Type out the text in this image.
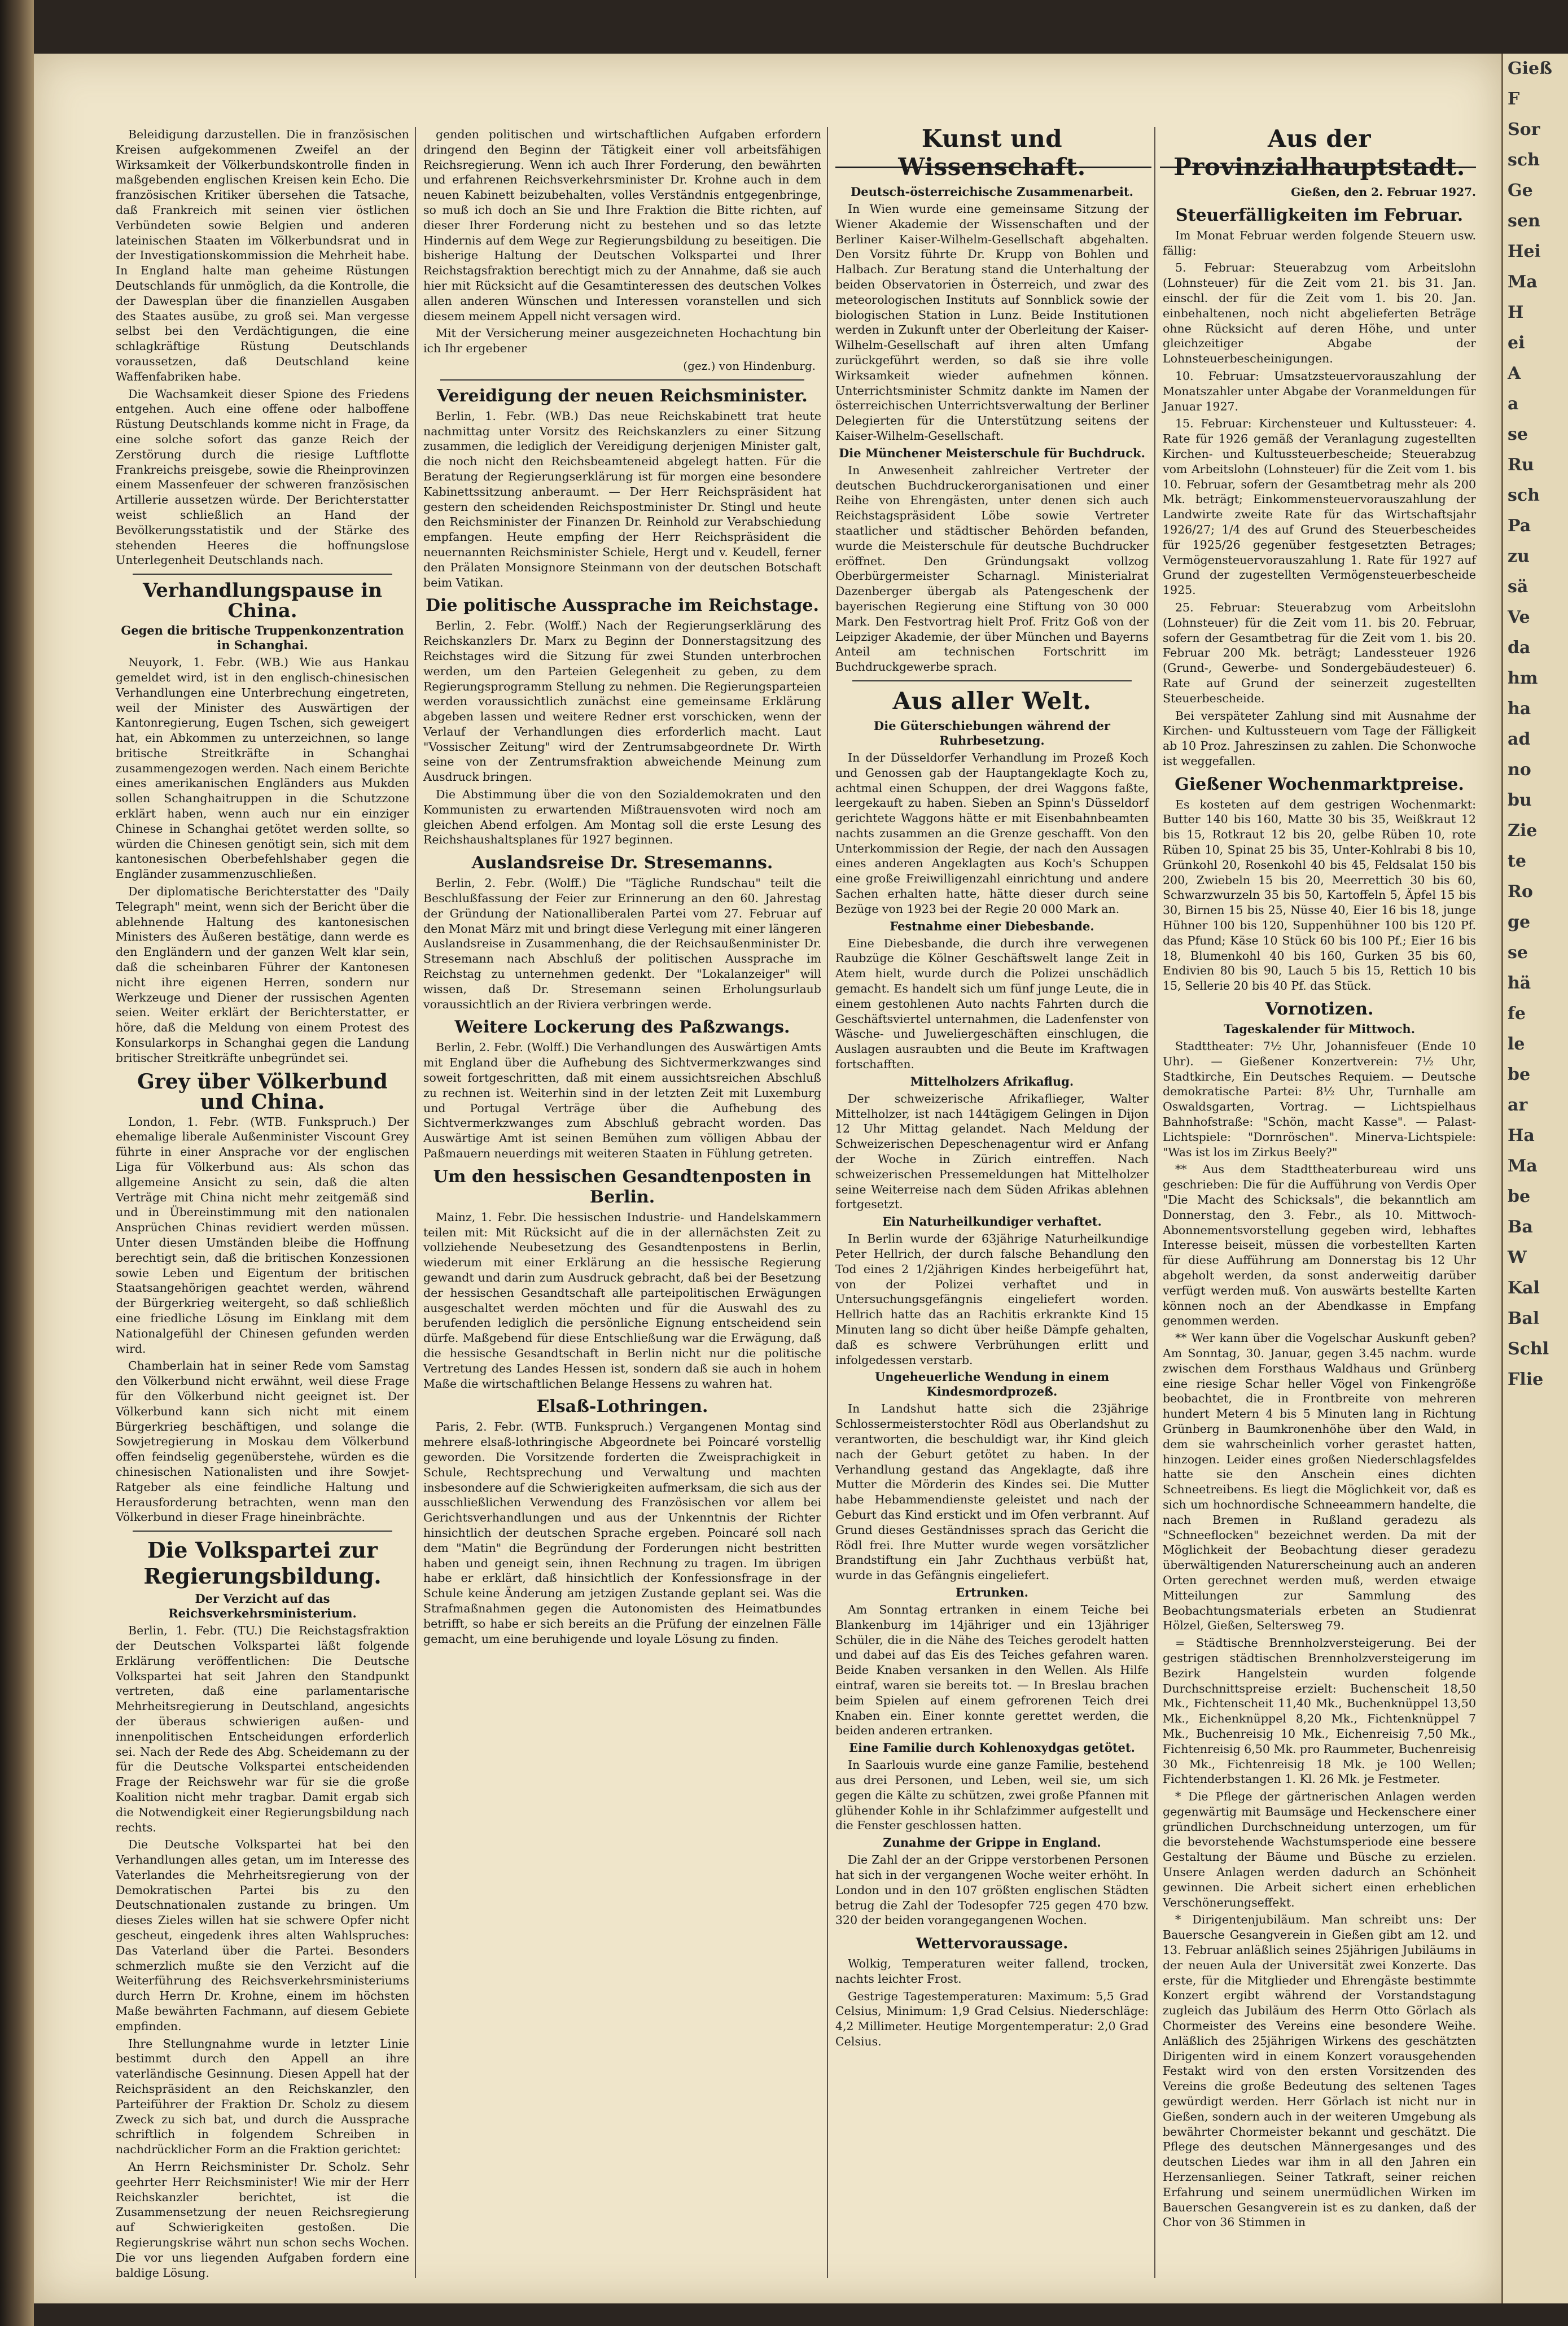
Beleidigung darzustellen. Die in französischen Kreisen aufgekommenen Zweifel an der Wirksamkeit der Völkerbundskontrolle finden in maßgebenden englischen Kreisen kein Echo. Die französischen Kritiker übersehen die Tatsache, daß Frankreich mit seinen vier östlichen Verbündeten sowie Belgien und anderen lateinischen Staaten im Völkerbundsrat und in der Investigationskommission die Mehrheit habe. In England halte man geheime Rüstungen Deutschlands für unmöglich, da die Kontrolle, die der Dawesplan über die finanziellen Ausgaben des Staates ausübe, zu groß sei. Man vergesse selbst bei den Verdächtigungen, die eine schlagkräftige Rüstung Deutschlands voraussetzen, daß Deutschland keine Waffenfabriken habe.

Die Wachsamkeit dieser Spione des Friedens entgehen. Auch eine offene oder halboffene Rüstung Deutschlands komme nicht in Frage, da eine solche sofort das ganze Reich der Zerstörung durch die riesige Luftflotte Frankreichs preisgebe, sowie die Rheinprovinzen einem Massenfeuer der schweren französischen Artillerie aussetzen würde. Der Berichterstatter weist schließlich an Hand der Bevölkerungsstatistik und der Stärke des stehenden Heeres die hoffnungslose Unterlegenheit Deutschlands nach.

Verhandlungspause in China.
Gegen die britische Truppenkonzentration in Schanghai.

Neuyork, 1. Febr. (WB.) Wie aus Hankau gemeldet wird, ist in den englisch-chinesischen Verhandlungen eine Unterbrechung eingetreten, weil der Minister des Auswärtigen der Kantonregierung, Eugen Tschen, sich geweigert hat, ein Abkommen zu unterzeichnen, so lange britische Streitkräfte in Schanghai zusammengezogen werden. Nach einem Berichte eines amerikanischen Engländers aus Mukden sollen Schanghaitruppen in die Schutzzone erklärt haben, wenn auch nur ein einziger Chinese in Schanghai getötet werden sollte, so würden die Chinesen genötigt sein, sich mit dem kantonesischen Oberbefehlshaber gegen die Engländer zusammenzuschließen.

Der diplomatische Berichterstatter des "Daily Telegraph" meint, wenn sich der Bericht über die ablehnende Haltung des kantonesischen Ministers des Äußeren bestätige, dann werde es den Engländern und der ganzen Welt klar sein, daß die scheinbaren Führer der Kantonesen nicht ihre eigenen Herren, sondern nur Werkzeuge und Diener der russischen Agenten seien. Weiter erklärt der Berichterstatter, er höre, daß die Meldung von einem Protest des Konsularkorps in Schanghai gegen die Landung britischer Streitkräfte unbegründet sei.

Grey über Völkerbund und China.

London, 1. Febr. (WTB. Funkspruch.) Der ehemalige liberale Außenminister Viscount Grey führte in einer Ansprache vor der englischen Liga für Völkerbund aus: Als schon das allgemeine Ansicht zu sein, daß die alten Verträge mit China nicht mehr zeitgemäß sind und in Übereinstimmung mit den nationalen Ansprüchen Chinas revidiert werden müssen. Unter diesen Umständen bleibe die Hoffnung berechtigt sein, daß die britischen Konzessionen sowie Leben und Eigentum der britischen Staatsangehörigen geachtet werden, während der Bürgerkrieg weitergeht, so daß schließlich eine friedliche Lösung im Einklang mit dem Nationalgefühl der Chinesen gefunden werden wird.

Chamberlain hat in seiner Rede vom Samstag den Völkerbund nicht erwähnt, weil diese Frage für den Völkerbund nicht geeignet ist. Der Völkerbund kann sich nicht mit einem Bürgerkrieg beschäftigen, und solange die Sowjetregierung in Moskau dem Völkerbund offen feindselig gegenüberstehe, würden es die chinesischen Nationalisten und ihre Sowjet-Ratgeber als eine feindliche Haltung und Herausforderung betrachten, wenn man den Völkerbund in dieser Frage hineinbrächte.

Die Volkspartei zur Regierungsbildung.
Der Verzicht auf das Reichsverkehrsministerium.

Berlin, 1. Febr. (TU.) Die Reichstagsfraktion der Deutschen Volkspartei läßt folgende Erklärung veröffentlichen: Die Deutsche Volkspartei hat seit Jahren den Standpunkt vertreten, daß eine parlamentarische Mehrheitsregierung in Deutschland, angesichts der überaus schwierigen außen- und innenpolitischen Entscheidungen erforderlich sei. Nach der Rede des Abg. Scheidemann zu der für die Deutsche Volkspartei entscheidenden Frage der Reichswehr war für sie die große Koalition nicht mehr tragbar. Damit ergab sich die Notwendigkeit einer Regierungsbildung nach rechts.

Die Deutsche Volkspartei hat bei den Verhandlungen alles getan, um im Interesse des Vaterlandes die Mehrheitsregierung von der Demokratischen Partei bis zu den Deutschnationalen zustande zu bringen. Um dieses Zieles willen hat sie schwere Opfer nicht gescheut, eingedenk ihres alten Wahlspruches: Das Vaterland über die Partei. Besonders schmerzlich mußte sie den Verzicht auf die Weiterführung des Reichsverkehrsministeriums durch Herrn Dr. Krohne, einem im höchsten Maße bewährten Fachmann, auf diesem Gebiete empfinden.

Ihre Stellungnahme wurde in letzter Linie bestimmt durch den Appell an ihre vaterländische Gesinnung. Diesen Appell hat der Reichspräsident an den Reichskanzler, den Parteiführer der Fraktion Dr. Scholz zu diesem Zweck zu sich bat, und durch die Aussprache schriftlich in folgendem Schreiben in nachdrücklicher Form an die Fraktion gerichtet:

An Herrn Reichsminister Dr. Scholz. Sehr geehrter Herr Reichsminister! Wie mir der Herr Reichskanzler berichtet, ist die Zusammensetzung der neuen Reichsregierung auf Schwierigkeiten gestoßen. Die Regierungskrise währt nun schon sechs Wochen. Die vor uns liegenden Aufgaben fordern eine baldige Lösung.

genden politischen und wirtschaftlichen Aufgaben erfordern dringend den Beginn der Tätigkeit einer voll arbeitsfähigen Reichsregierung. Wenn ich auch Ihrer Forderung, den bewährten und erfahrenen Reichsverkehrsminister Dr. Krohne auch in dem neuen Kabinett beizubehalten, volles Verständnis entgegenbringe, so muß ich doch an Sie und Ihre Fraktion die Bitte richten, auf dieser Ihrer Forderung nicht zu bestehen und so das letzte Hindernis auf dem Wege zur Regierungsbildung zu beseitigen. Die bisherige Haltung der Deutschen Volkspartei und Ihrer Reichstagsfraktion berechtigt mich zu der Annahme, daß sie auch hier mit Rücksicht auf die Gesamtinteressen des deutschen Volkes allen anderen Wünschen und Interessen voranstellen und sich diesem meinem Appell nicht versagen wird.

Mit der Versicherung meiner ausgezeichneten Hochachtung bin ich Ihr ergebener

(gez.) von Hindenburg.
Vereidigung der neuen Reichsminister.

Berlin, 1. Febr. (WB.) Das neue Reichskabinett trat heute nachmittag unter Vorsitz des Reichskanzlers zu einer Sitzung zusammen, die lediglich der Vereidigung derjenigen Minister galt, die noch nicht den Reichsbeamteneid abgelegt hatten. Für die Beratung der Regierungserklärung ist für morgen eine besondere Kabinettssitzung anberaumt. — Der Herr Reichspräsident hat gestern den scheidenden Reichspostminister Dr. Stingl und heute den Reichsminister der Finanzen Dr. Reinhold zur Verabschiedung empfangen. Heute empfing der Herr Reichspräsident die neuernannten Reichsminister Schiele, Hergt und v. Keudell, ferner den Prälaten Monsignore Steinmann von der deutschen Botschaft beim Vatikan.

Die politische Aussprache im Reichstage.

Berlin, 2. Febr. (Wolff.) Nach der Regierungserklärung des Reichskanzlers Dr. Marx zu Beginn der Donnerstagsitzung des Reichstages wird die Sitzung für zwei Stunden unterbrochen werden, um den Parteien Gelegenheit zu geben, zu dem Regierungsprogramm Stellung zu nehmen. Die Regierungsparteien werden voraussichtlich zunächst eine gemeinsame Erklärung abgeben lassen und weitere Redner erst vorschicken, wenn der Verlauf der Verhandlungen dies erforderlich macht. Laut "Vossischer Zeitung" wird der Zentrumsabgeordnete Dr. Wirth seine von der Zentrumsfraktion abweichende Meinung zum Ausdruck bringen.

Die Abstimmung über die von den Sozialdemokraten und den Kommunisten zu erwartenden Mißtrauensvoten wird noch am gleichen Abend erfolgen. Am Montag soll die erste Lesung des Reichshaushaltsplanes für 1927 beginnen.

Auslandsreise Dr. Stresemanns.

Berlin, 2. Febr. (Wolff.) Die "Tägliche Rundschau" teilt die Beschlußfassung der Feier zur Erinnerung an den 60. Jahrestag der Gründung der Nationalliberalen Partei vom 27. Februar auf den Monat März mit und bringt diese Verlegung mit einer längeren Auslandsreise in Zusammenhang, die der Reichsaußenminister Dr. Stresemann nach Abschluß der politischen Aussprache im Reichstag zu unternehmen gedenkt. Der "Lokalanzeiger" will wissen, daß Dr. Stresemann seinen Erholungsurlaub voraussichtlich an der Riviera verbringen werde.

Weitere Lockerung des Paßzwangs.

Berlin, 2. Febr. (Wolff.) Die Verhandlungen des Auswärtigen Amts mit England über die Aufhebung des Sichtvermerkzwanges sind soweit fortgeschritten, daß mit einem aussichtsreichen Abschluß zu rechnen ist. Weiterhin sind in der letzten Zeit mit Luxemburg und Portugal Verträge über die Aufhebung des Sichtvermerkzwanges zum Abschluß gebracht worden. Das Auswärtige Amt ist seinen Bemühen zum völligen Abbau der Paßmauern neuerdings mit weiteren Staaten in Fühlung getreten.

Um den hessischen Gesandtenposten in Berlin.

Mainz, 1. Febr. Die hessischen Industrie- und Handelskammern teilen mit: Mit Rücksicht auf die in der allernächsten Zeit zu vollziehende Neubesetzung des Gesandtenpostens in Berlin, wiederum mit einer Erklärung an die hessische Regierung gewandt und darin zum Ausdruck gebracht, daß bei der Besetzung der hessischen Gesandtschaft alle parteipolitischen Erwägungen ausgeschaltet werden möchten und für die Auswahl des zu berufenden lediglich die persönliche Eignung entscheidend sein dürfe. Maßgebend für diese Entschließung war die Erwägung, daß die hessische Gesandtschaft in Berlin nicht nur die politische Vertretung des Landes Hessen ist, sondern daß sie auch in hohem Maße die wirtschaftlichen Belange Hessens zu wahren hat.

Elsaß-Lothringen.

Paris, 2. Febr. (WTB. Funkspruch.) Vergangenen Montag sind mehrere elsaß-lothringische Abgeordnete bei Poincaré vorstellig geworden. Die Vorsitzende forderten die Zweisprachigkeit in Schule, Rechtsprechung und Verwaltung und machten insbesondere auf die Schwierigkeiten aufmerksam, die sich aus der ausschließlichen Verwendung des Französischen vor allem bei Gerichtsverhandlungen und aus der Unkenntnis der Richter hinsichtlich der deutschen Sprache ergeben. Poincaré soll nach dem "Matin" die Begründung der Forderungen nicht bestritten haben und geneigt sein, ihnen Rechnung zu tragen. Im übrigen habe er erklärt, daß hinsichtlich der Konfessionsfrage in der Schule keine Änderung am jetzigen Zustande geplant sei. Was die Strafmaßnahmen gegen die Autonomisten des Heimatbundes betrifft, so habe er sich bereits an die Prüfung der einzelnen Fälle gemacht, um eine beruhigende und loyale Lösung zu finden.

Kunst und Wissenschaft.
Deutsch-österreichische Zusammenarbeit.

In Wien wurde eine gemeinsame Sitzung der Wiener Akademie der Wissenschaften und der Berliner Kaiser-Wilhelm-Gesellschaft abgehalten. Den Vorsitz führte Dr. Krupp von Bohlen und Halbach. Zur Beratung stand die Unterhaltung der beiden Observatorien in Österreich, und zwar des meteorologischen Instituts auf Sonnblick sowie der biologischen Station in Lunz. Beide Institutionen werden in Zukunft unter der Oberleitung der Kaiser-Wilhelm-Gesellschaft auf ihren alten Umfang zurückgeführt werden, so daß sie ihre volle Wirksamkeit wieder aufnehmen können. Unterrichtsminister Schmitz dankte im Namen der österreichischen Unterrichtsverwaltung der Berliner Delegierten für die Unterstützung seitens der Kaiser-Wilhelm-Gesellschaft.

Die Münchener Meisterschule für Buchdruck.

In Anwesenheit zahlreicher Vertreter der deutschen Buchdruckerorganisationen und einer Reihe von Ehrengästen, unter denen sich auch Reichstagspräsident Löbe sowie Vertreter staatlicher und städtischer Behörden befanden, wurde die Meisterschule für deutsche Buchdrucker eröffnet. Den Gründungsakt vollzog Oberbürgermeister Scharnagl. Ministerialrat Dazenberger übergab als Patengeschenk der bayerischen Regierung eine Stiftung von 30 000 Mark. Den Festvortrag hielt Prof. Fritz Goß von der Leipziger Akademie, der über München und Bayerns Anteil am technischen Fortschritt im Buchdruckgewerbe sprach.

Aus aller Welt.
Die Güterschiebungen während der Ruhrbesetzung.

In der Düsseldorfer Verhandlung im Prozeß Koch und Genossen gab der Hauptangeklagte Koch zu, achtmal einen Schuppen, der drei Waggons faßte, leergekauft zu haben. Sieben an Spinn's Düsseldorf gerichtete Waggons hätte er mit Eisenbahnbeamten nachts zusammen an die Grenze geschafft. Von den Unterkommission der Regie, der nach den Aussagen eines anderen Angeklagten aus Koch's Schuppen eine große Freiwilligenzahl einrichtung und andere Sachen erhalten hatte, hätte dieser durch seine Bezüge von 1923 bei der Regie 20 000 Mark an.

Festnahme einer Diebesbande.

Eine Diebesbande, die durch ihre verwegenen Raubzüge die Kölner Geschäftswelt lange Zeit in Atem hielt, wurde durch die Polizei unschädlich gemacht. Es handelt sich um fünf junge Leute, die in einem gestohlenen Auto nachts Fahrten durch die Geschäftsviertel unternahmen, die Ladenfenster von Wäsche- und Juweliergeschäften einschlugen, die Auslagen ausraubten und die Beute im Kraftwagen fortschafften.

Mittelholzers Afrikaflug.

Der schweizerische Afrikaflieger, Walter Mittelholzer, ist nach 144tägigem Gelingen in Dijon 12 Uhr Mittag gelandet. Nach Meldung der Schweizerischen Depeschenagentur wird er Anfang der Woche in Zürich eintreffen. Nach schweizerischen Pressemeldungen hat Mittelholzer seine Weiterreise nach dem Süden Afrikas ablehnen fortgesetzt.

Ein Naturheilkundiger verhaftet.

In Berlin wurde der 63jährige Naturheilkundige Peter Hellrich, der durch falsche Behandlung den Tod eines 2 1/2jährigen Kindes herbeigeführt hat, von der Polizei verhaftet und in Untersuchungsgefängnis eingeliefert worden. Hellrich hatte das an Rachitis erkrankte Kind 15 Minuten lang so dicht über heiße Dämpfe gehalten, daß es schwere Verbrühungen erlitt und infolgedessen verstarb.

Ungeheuerliche Wendung in einem Kindesmordprozeß.

In Landshut hatte sich die 23jährige Schlossermeisterstochter Rödl aus Oberlandshut zu verantworten, die beschuldigt war, ihr Kind gleich nach der Geburt getötet zu haben. In der Verhandlung gestand das Angeklagte, daß ihre Mutter die Mörderin des Kindes sei. Die Mutter habe Hebammendienste geleistet und nach der Geburt das Kind erstickt und im Ofen verbrannt. Auf Grund dieses Geständnisses sprach das Gericht die Rödl frei. Ihre Mutter wurde wegen vorsätzlicher Brandstiftung ein Jahr Zuchthaus verbüßt hat, wurde in das Gefängnis eingeliefert.

Ertrunken.

Am Sonntag ertranken in einem Teiche bei Blankenburg im 14jähriger und ein 13jähriger Schüler, die in die Nähe des Teiches gerodelt hatten und dabei auf das Eis des Teiches gefahren waren. Beide Knaben versanken in den Wellen. Als Hilfe eintraf, waren sie bereits tot. — In Breslau brachen beim Spielen auf einem gefrorenen Teich drei Knaben ein. Einer konnte gerettet werden, die beiden anderen ertranken.

Eine Familie durch Kohlenoxydgas getötet.

In Saarlouis wurde eine ganze Familie, bestehend aus drei Personen, und Leben, weil sie, um sich gegen die Kälte zu schützen, zwei große Pfannen mit glühender Kohle in ihr Schlafzimmer aufgestellt und die Fenster geschlossen hatten.

Zunahme der Grippe in England.

Die Zahl der an der Grippe verstorbenen Personen hat sich in der vergangenen Woche weiter erhöht. In London und in den 107 größten englischen Städten betrug die Zahl der Todesopfer 725 gegen 470 bzw. 320 der beiden vorangegangenen Wochen.

Wettervoraussage.

Wolkig, Temperaturen weiter fallend, trocken, nachts leichter Frost.

Gestrige Tagestemperaturen: Maximum: 5,5 Grad Celsius, Minimum: 1,9 Grad Celsius. Niederschläge: 4,2 Millimeter. Heutige Morgentemperatur: 2,0 Grad Celsius.

Aus der Provinzialhauptstadt.
Gießen, den 2. Februar 1927.
Steuerfälligkeiten im Februar.

Im Monat Februar werden folgende Steuern usw. fällig:

5. Februar: Steuerabzug vom Arbeitslohn (Lohnsteuer) für die Zeit vom 21. bis 31. Jan. einschl. der für die Zeit vom 1. bis 20. Jan. einbehaltenen, noch nicht abgelieferten Beträge ohne Rücksicht auf deren Höhe, und unter gleichzeitiger Abgabe der Lohnsteuerbescheinigungen.

10. Februar: Umsatzsteuervorauszahlung der Monatszahler unter Abgabe der Voranmeldungen für Januar 1927.

15. Februar: Kirchensteuer und Kultussteuer: 4. Rate für 1926 gemäß der Veranlagung zugestellten Kirchen- und Kultussteuerbescheide; Steuerabzug vom Arbeitslohn (Lohnsteuer) für die Zeit vom 1. bis 10. Februar, sofern der Gesamtbetrag mehr als 200 Mk. beträgt; Einkommensteuervorauszahlung der Landwirte zweite Rate für das Wirtschaftsjahr 1926/27; 1/4 des auf Grund des Steuerbescheides für 1925/26 gegenüber festgesetzten Betrages; Vermögensteuervorauszahlung 1. Rate für 1927 auf Grund der zugestellten Vermögensteuerbescheide 1925.

25. Februar: Steuerabzug vom Arbeitslohn (Lohnsteuer) für die Zeit vom 11. bis 20. Februar, sofern der Gesamtbetrag für die Zeit vom 1. bis 20. Februar 200 Mk. beträgt; Landessteuer 1926 (Grund-, Gewerbe- und Sondergebäudesteuer) 6. Rate auf Grund der seinerzeit zugestellten Steuerbescheide.

Bei verspäteter Zahlung sind mit Ausnahme der Kirchen- und Kultussteuern vom Tage der Fälligkeit ab 10 Proz. Jahreszinsen zu zahlen. Die Schonwoche ist weggefallen.

Gießener Wochenmarktpreise.

Es kosteten auf dem gestrigen Wochenmarkt: Butter 140 bis 160, Matte 30 bis 35, Weißkraut 12 bis 15, Rotkraut 12 bis 20, gelbe Rüben 10, rote Rüben 10, Spinat 25 bis 35, Unter-Kohlrabi 8 bis 10, Grünkohl 20, Rosenkohl 40 bis 45, Feldsalat 150 bis 200, Zwiebeln 15 bis 20, Meerrettich 30 bis 60, Schwarzwurzeln 35 bis 50, Kartoffeln 5, Äpfel 15 bis 30, Birnen 15 bis 25, Nüsse 40, Eier 16 bis 18, junge Hühner 100 bis 120, Suppenhühner 100 bis 120 Pf. das Pfund; Käse 10 Stück 60 bis 100 Pf.; Eier 16 bis 18, Blumenkohl 40 bis 160, Gurken 35 bis 60, Endivien 80 bis 90, Lauch 5 bis 15, Rettich 10 bis 15, Sellerie 20 bis 40 Pf. das Stück.

Vornotizen.
Tageskalender für Mittwoch.

Stadttheater: 7½ Uhr, Johannisfeuer (Ende 10 Uhr). — Gießener Konzertverein: 7½ Uhr, Stadtkirche, Ein Deutsches Requiem. — Deutsche demokratische Partei: 8½ Uhr, Turnhalle am Oswaldsgarten, Vortrag. — Lichtspielhaus Bahnhofstraße: "Schön, macht Kasse". — Palast-Lichtspiele: "Dornröschen". Minerva-Lichtspiele: "Was ist los im Zirkus Beely?"

** Aus dem Stadttheaterbureau wird uns geschrieben: Die für die Aufführung von Verdis Oper "Die Macht des Schicksals", die bekanntlich am Donnerstag, den 3. Febr., als 10. Mittwoch-Abonnementsvorstellung gegeben wird, lebhaftes Interesse beiseit, müssen die vorbestellten Karten für diese Aufführung am Donnerstag bis 12 Uhr abgeholt werden, da sonst anderweitig darüber verfügt werden muß. Von auswärts bestellte Karten können noch an der Abendkasse in Empfang genommen werden.

** Wer kann über die Vogelschar Auskunft geben? Am Sonntag, 30. Januar, gegen 3.45 nachm. wurde zwischen dem Forsthaus Waldhaus und Grünberg eine riesige Schar heller Vögel von Finkengröße beobachtet, die in Frontbreite von mehreren hundert Metern 4 bis 5 Minuten lang in Richtung Grünberg in Baumkronenhöhe über den Wald, in dem sie wahrscheinlich vorher gerastet hatten, hinzogen. Leider eines großen Niederschlagsfeldes hatte sie den Anschein eines dichten Schneetreibens. Es liegt die Möglichkeit vor, daß es sich um hochnordische Schneeammern handelte, die nach Bremen in Rußland geradezu als "Schneeflocken" bezeichnet werden. Da mit der Möglichkeit der Beobachtung dieser geradezu überwältigenden Naturerscheinung auch an anderen Orten gerechnet werden muß, werden etwaige Mitteilungen zur Sammlung des Beobachtungsmaterials erbeten an Studienrat Hölzel, Gießen, Seltersweg 79.

= Städtische Brennholzversteigerung. Bei der gestrigen städtischen Brennholzversteigerung im Bezirk Hangelstein wurden folgende Durchschnittspreise erzielt: Buchenscheit 18,50 Mk., Fichtenscheit 11,40 Mk., Buchenknüppel 13,50 Mk., Eichenknüppel 8,20 Mk., Fichtenknüppel 7 Mk., Buchenreisig 10 Mk., Eichenreisig 7,50 Mk., Fichtenreisig 6,50 Mk. pro Raummeter, Buchenreisig 30 Mk., Fichtenreisig 18 Mk. je 100 Wellen; Fichtenderbstangen 1. Kl. 26 Mk. je Festmeter.

* Die Pflege der gärtnerischen Anlagen werden gegenwärtig mit Baumsäge und Heckenschere einer gründlichen Durchschneidung unterzogen, um für die bevorstehende Wachstumsperiode eine bessere Gestaltung der Bäume und Büsche zu erzielen. Unsere Anlagen werden dadurch an Schönheit gewinnen. Die Arbeit sichert einen erheblichen Verschönerungseffekt.

* Dirigentenjubiläum. Man schreibt uns: Der Bauersche Gesangverein in Gießen gibt am 12. und 13. Februar anläßlich seines 25jährigen Jubiläums in der neuen Aula der Universität zwei Konzerte. Das erste, für die Mitglieder und Ehrengäste bestimmte Konzert ergibt während der Vorstandstagung zugleich das Jubiläum des Herrn Otto Görlach als Chormeister des Vereins eine besondere Weihe. Anläßlich des 25jährigen Wirkens des geschätzten Dirigenten wird in einem Konzert vorausgehenden Festakt wird von den ersten Vorsitzenden des Vereins die große Bedeutung des seltenen Tages gewürdigt werden. Herr Görlach ist nicht nur in Gießen, sondern auch in der weiteren Umgebung als bewährter Chormeister bekannt und geschätzt. Die Pflege des deutschen Männergesanges und des deutschen Liedes war ihm in all den Jahren ein Herzensanliegen. Seiner Tatkraft, seiner reichen Erfahrung und seinem unermüdlichen Wirken im Bauerschen Gesangverein ist es zu danken, daß der Chor von 36 Stimmen in

Gieß
F
Sor
sch
Ge
sen
Hei
Ma
H
ei
A
a
se
Ru
sch
Pa
zu
sä
Ve
da
hm
ha
ad
no
bu
Zie
te
Ro
ge
se
hä
fe
le
be
ar
Ha
Ma
be
Ba
W
Kal
Bal
Schl
Flie
